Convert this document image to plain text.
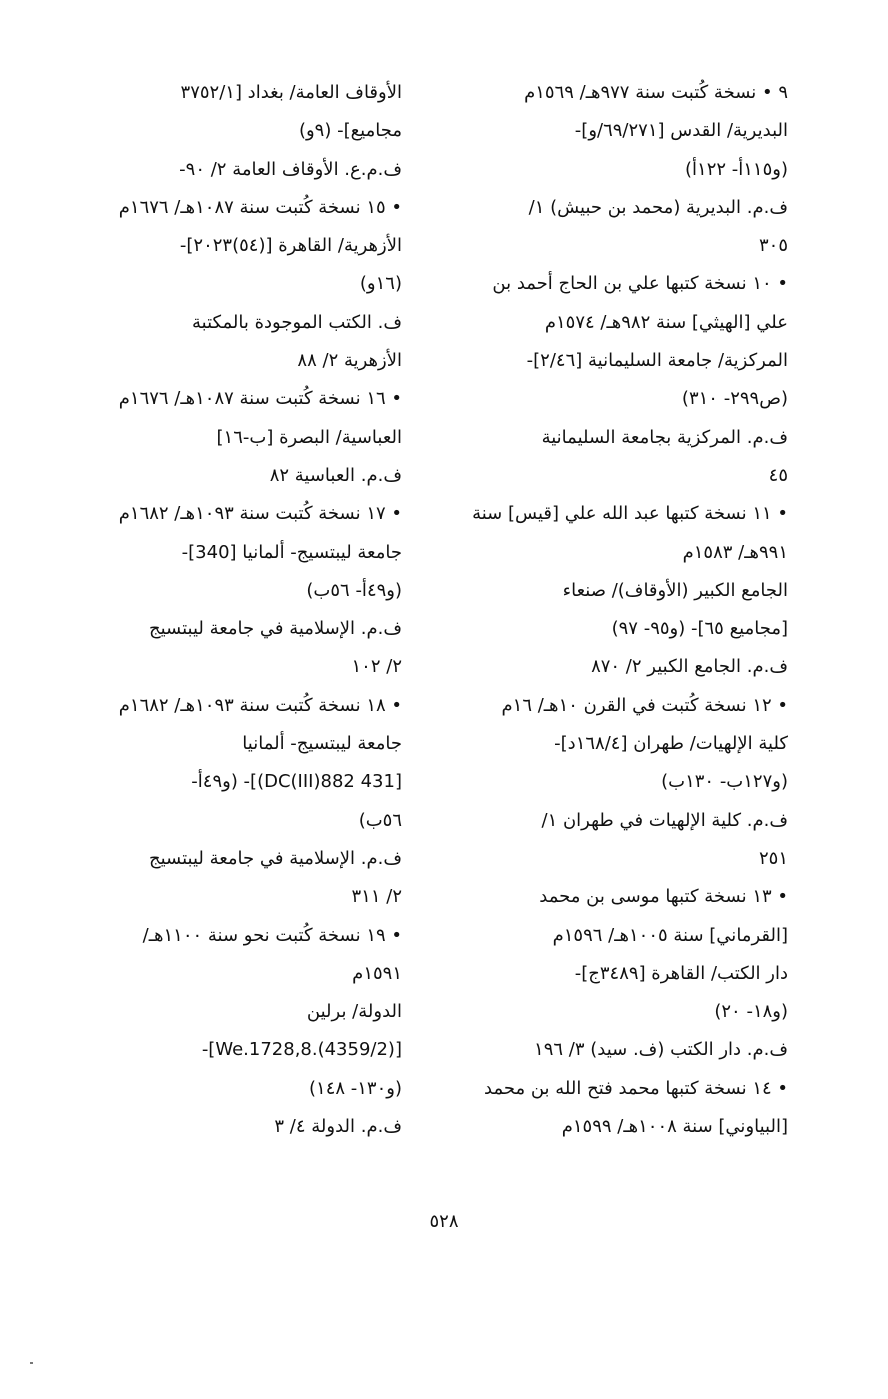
٩ • نسخة كُتبت سنة ٩٧٧هـ/ ١٥٦٩م
البديرية/ القدس [٦٩/٢٧١/و]-
(و١١٥أ- ١٢٢أ)
ف.م. البديرية (محمد بن حبيش) ١/
٣٠٥
• ١٠ نسخة كتبها علي بن الحاج أحمد بن
علي [الهيثي] سنة ٩٨٢هـ/ ١٥٧٤م
المركزية/ جامعة السليمانية [٢/٤٦]-
(ص٢٩٩- ٣١٠)
ف.م. المركزية بجامعة السليمانية
٤٥
• ١١ نسخة كتبها عبد الله علي [قيس] سنة
٩٩١هـ/ ١٥٨٣م
الجامع الكبير (الأوقاف)/ صنعاء
[مجاميع ٦٥]- (و٩٥- ٩٧)
ف.م. الجامع الكبير ٢/ ٨٧٠
• ١٢ نسخة كُتبت في القرن ١٠هـ/ ١٦م
كلية الإلهيات/ طهران [١٦٨/٤د]-
(و١٢٧ب- ١٣٠ب)
ف.م. كلية الإلهيات في طهران ١/
٢٥١
• ١٣ نسخة كتبها موسى بن محمد
[القرماني] سنة ١٠٠٥هـ/ ١٥٩٦م
دار الكتب/ القاهرة [٣٤٨٩ج]-
(و١٨- ٢٠)
ف.م. دار الكتب (ف. سيد) ٣/ ١٩٦
• ١٤ نسخة كتبها محمد فتح الله بن محمد
[البياوني] سنة ١٠٠٨هـ/ ١٥٩٩م
الأوقاف العامة/ بغداد [٣٧٥٢/١
مجاميع]- (٩و)
ف.م.ع. الأوقاف العامة ٢/ ٩٠-
• ١٥ نسخة كُتبت سنة ١٠٨٧هـ/ ١٦٧٦م
الأزهرية/ القاهرة [(٥٤)٢٠٢٣]-
(١٦و)
ف. الكتب الموجودة بالمكتبة
الأزهرية ٢/ ٨٨
• ١٦ نسخة كُتبت سنة ١٠٨٧هـ/ ١٦٧٦م
العباسية/ البصرة [ب-١٦]
ف.م. العباسية ٨٢
• ١٧ نسخة كُتبت سنة ١٠٩٣هـ/ ١٦٨٢م
جامعة ليبتسيج- ألمانيا [340]-
(و٤٩أ- ٥٦ب)
ف.م. الإسلامية في جامعة ليبتسيج
٢/ ١٠٢
• ١٨ نسخة كُتبت سنة ١٠٩٣هـ/ ١٦٨٢م
جامعة ليبتسيج- ألمانيا
[431 DC(III)882)]- (و٤٩أ-
٥٦ب)
ف.م. الإسلامية في جامعة ليبتسيج
٢/ ٣١١
• ١٩ نسخة كُتبت نحو سنة ١١٠٠هـ/
١٥٩١م
الدولة/ برلين
[We.1728,8.(4359/2)]-
(و١٣٠- ١٤٨)
ف.م. الدولة ٤/ ٣
٥٢٨
